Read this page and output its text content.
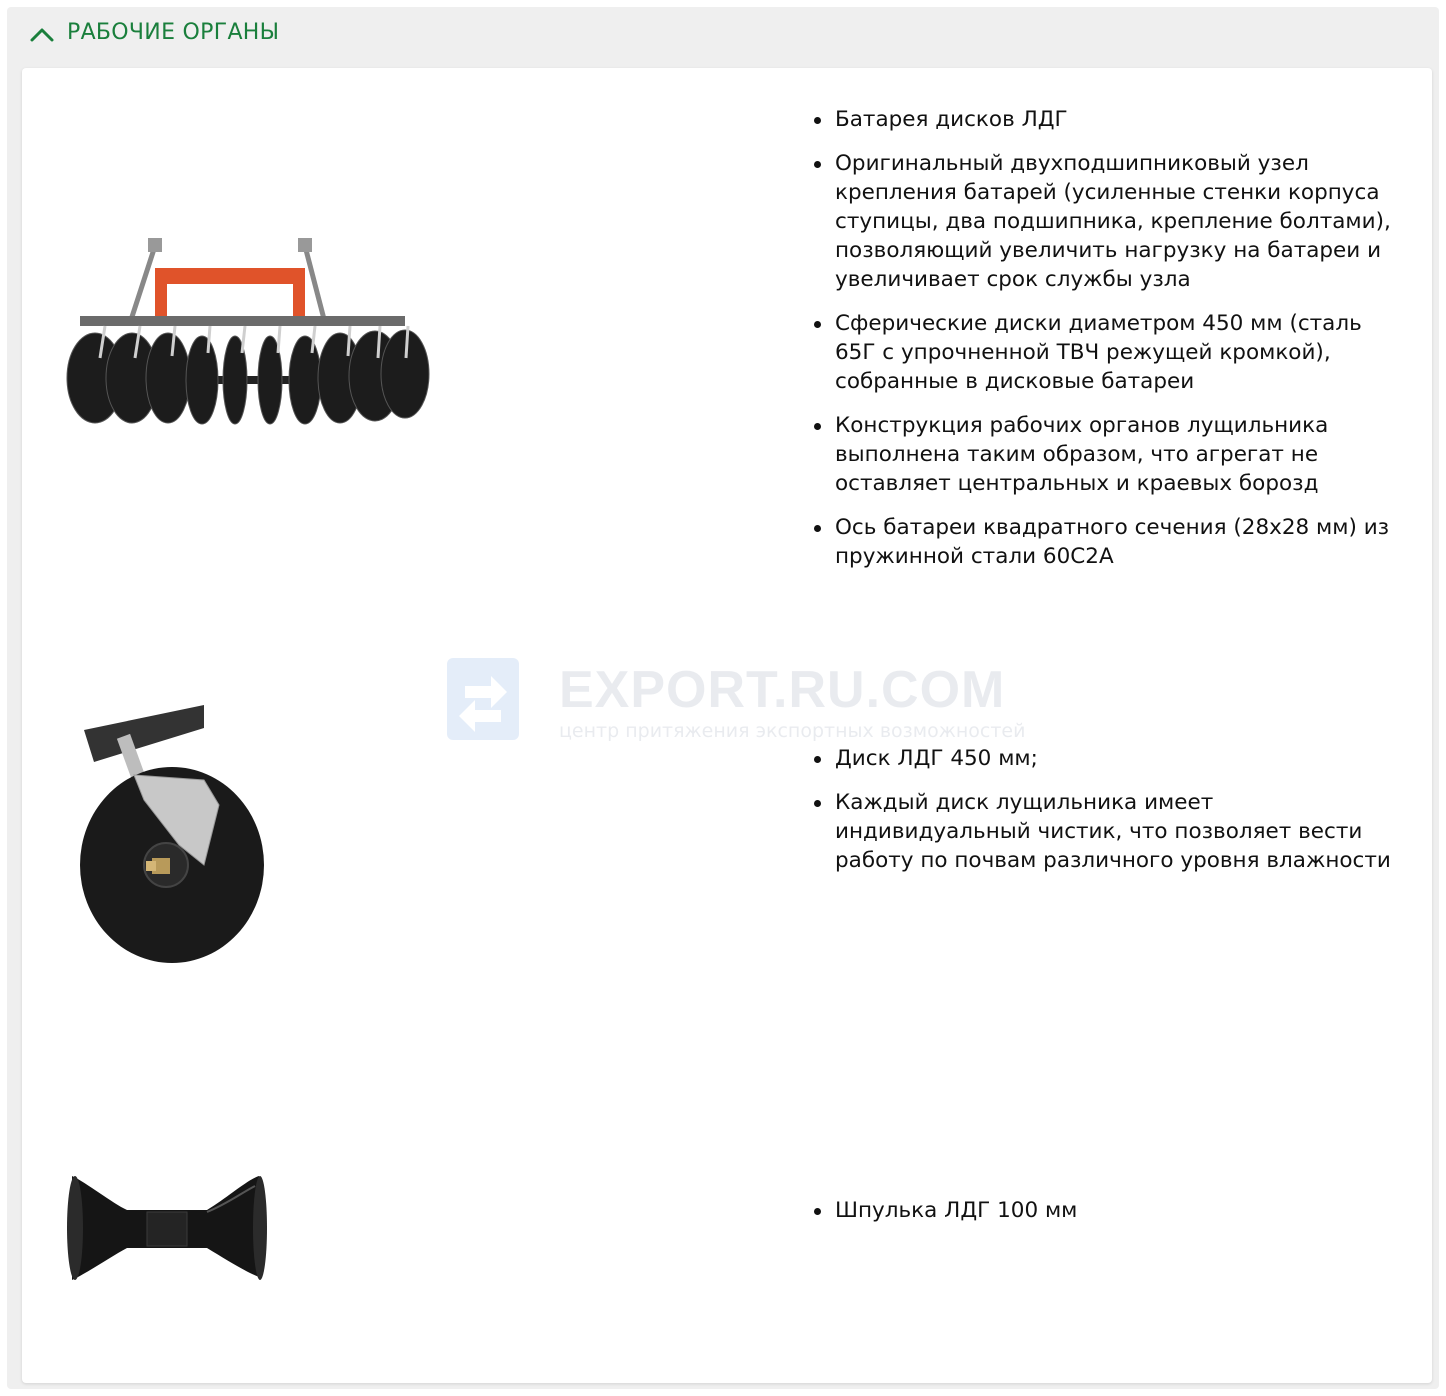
РАБОЧИЕ ОРГАНЫ
EXPORT.RU.COM
центр притяжения экспортных возможностей
Батарея дисков ЛДГ
Оригинальный двухподшипниковый узел крепления батарей (усиленные стенки корпуса ступицы, два подшипника, крепление болтами), позволяющий увеличить нагрузку на батареи и увеличивает срок службы узла
Сферические диски диаметром 450 мм (сталь 65Г с упрочненной ТВЧ режущей кромкой), собранные в дисковые батареи
Конструкция рабочих органов лущильника выполнена таким образом, что агрегат не оставляет центральных и краевых борозд
Ось батареи квадратного сечения (28х28 мм) из пружинной стали 60С2А
Диск ЛДГ 450 мм;
Каждый диск лущильника имеет индивидуальный чистик, что позволяет вести работу по почвам различного уровня влажности
Шпулька ЛДГ 100 мм
